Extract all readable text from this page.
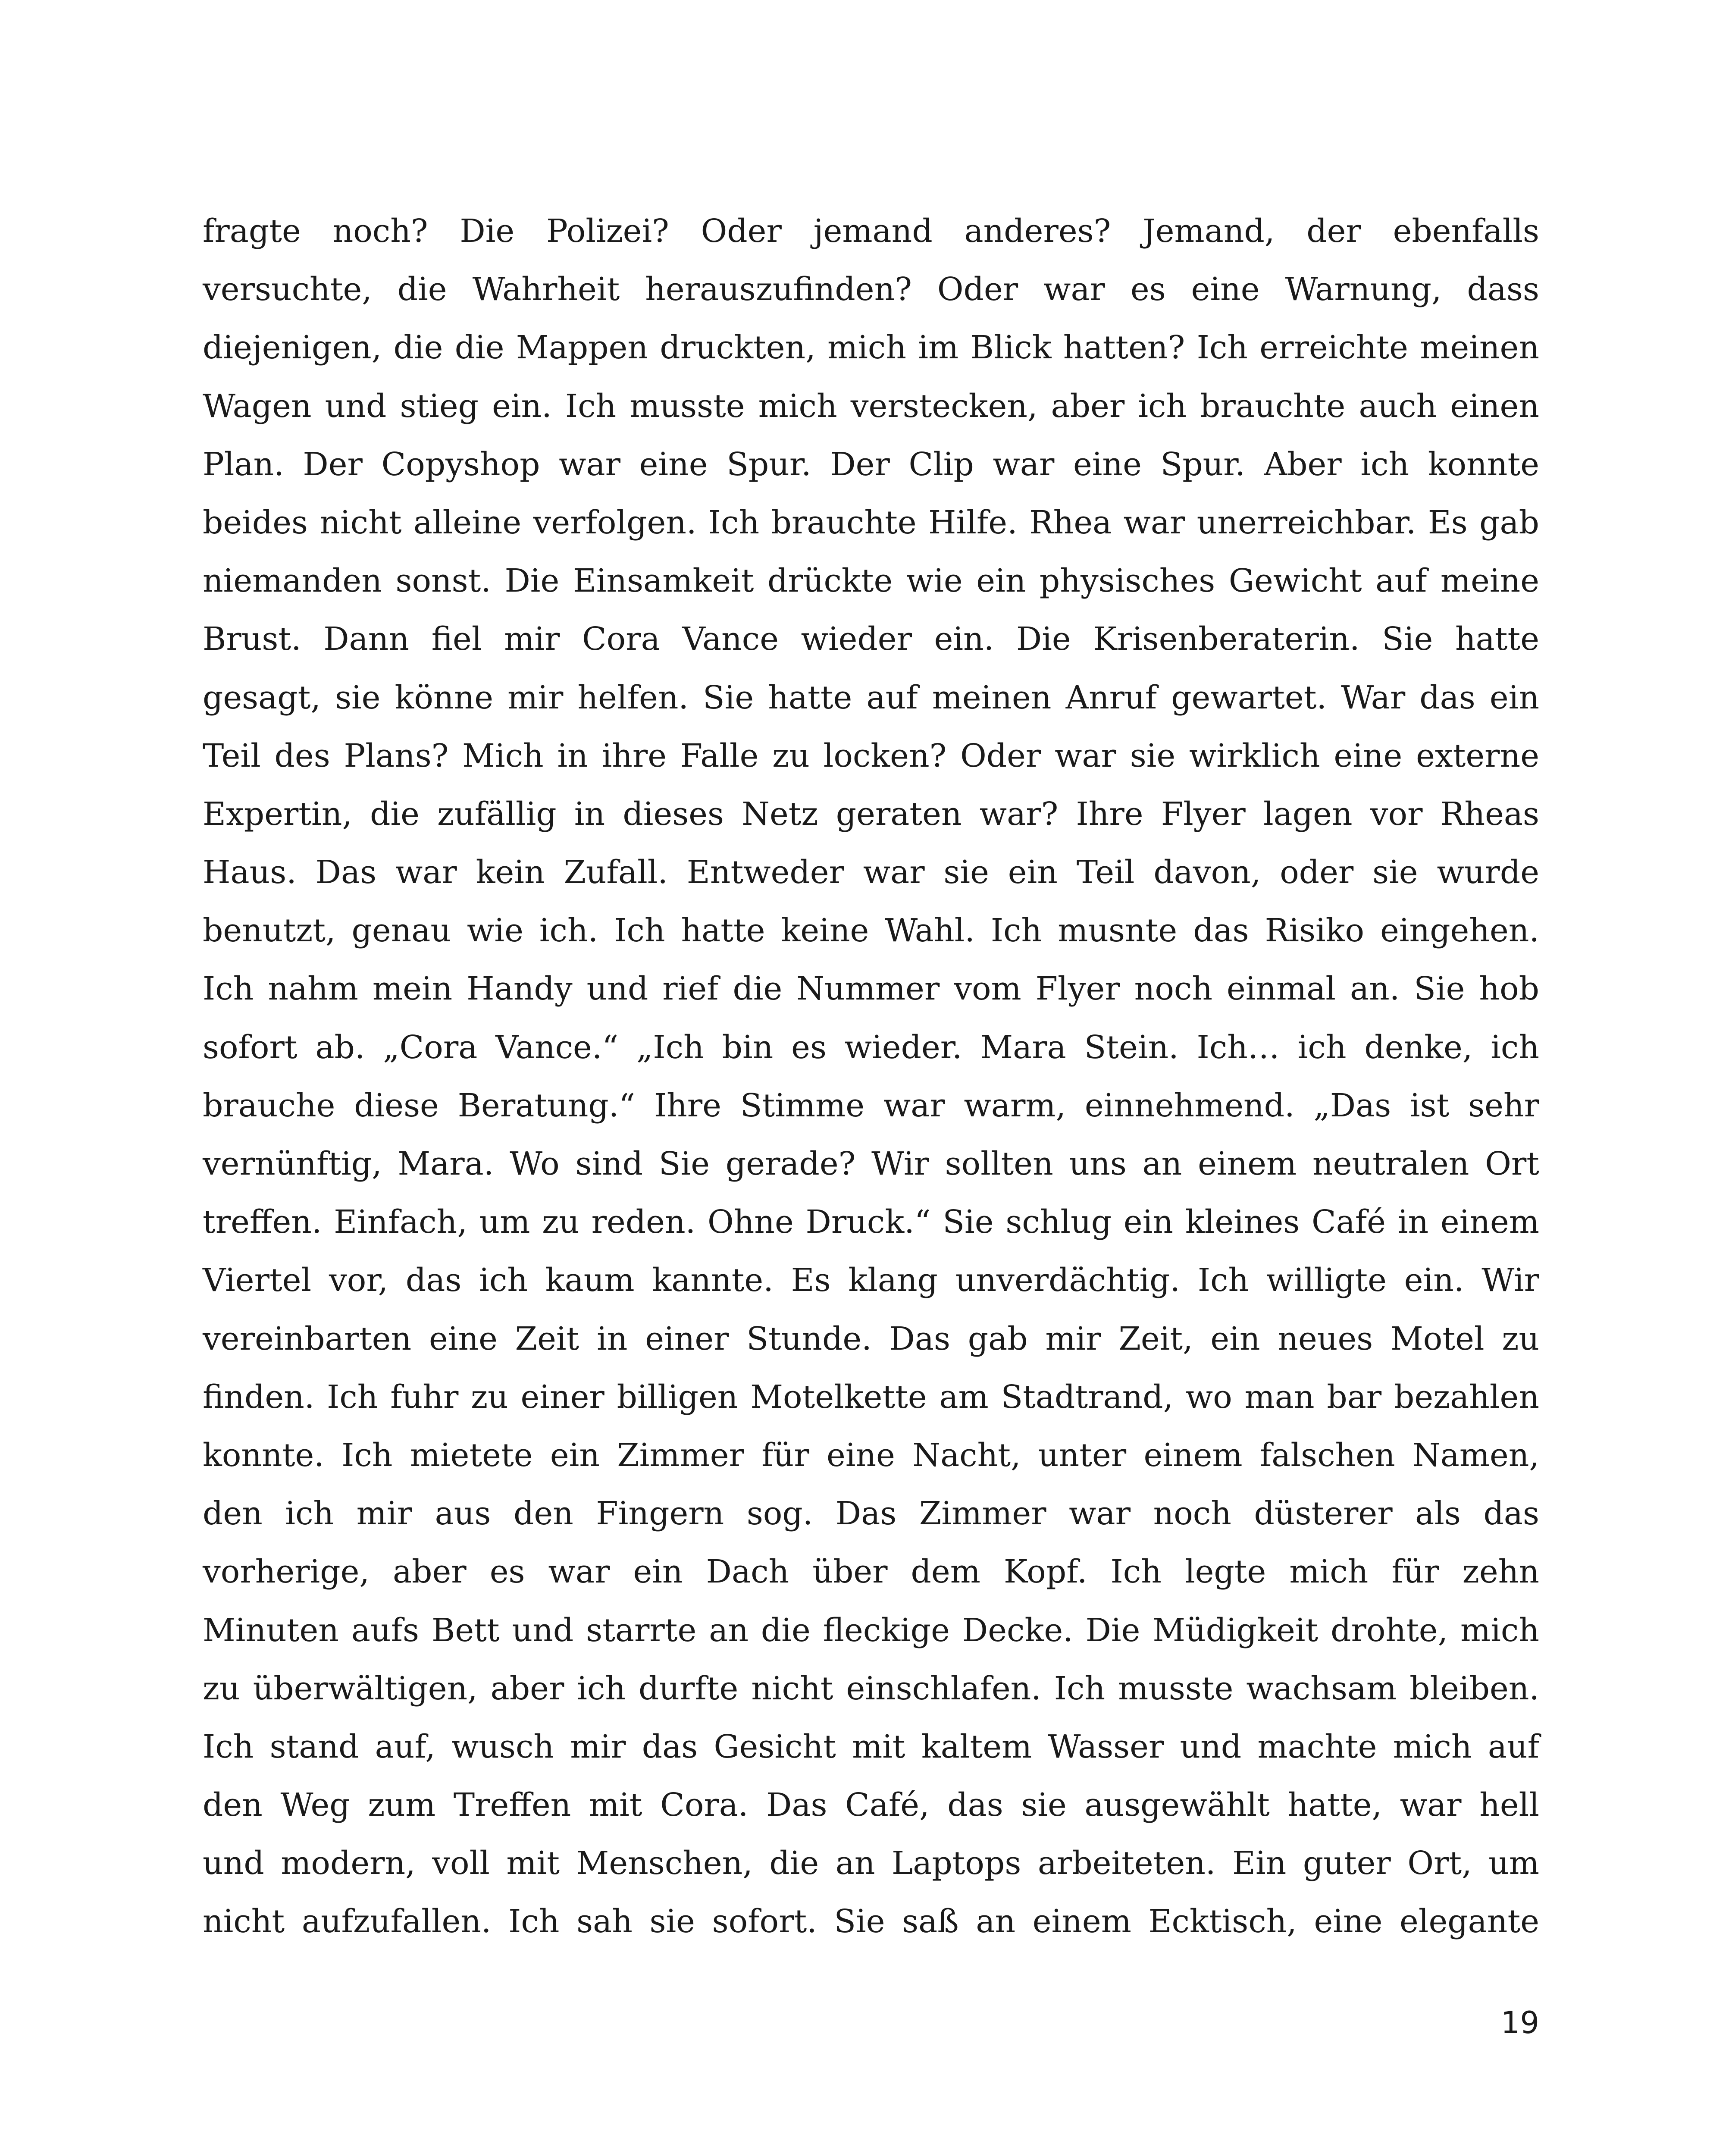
fragte noch? Die Polizei? Oder jemand anderes? Jemand, der ebenfalls
versuchte, die Wahrheit herauszufinden? Oder war es eine Warnung, dass
diejenigen, die die Mappen druckten, mich im Blick hatten? Ich erreichte meinen
Wagen und stieg ein. Ich musste mich verstecken, aber ich brauchte auch einen
Plan. Der Copyshop war eine Spur. Der Clip war eine Spur. Aber ich konnte
beides nicht alleine verfolgen. Ich brauchte Hilfe. Rhea war unerreichbar. Es gab
niemanden sonst. Die Einsamkeit drückte wie ein physisches Gewicht auf meine
Brust. Dann fiel mir Cora Vance wieder ein. Die Krisenberaterin. Sie hatte
gesagt, sie könne mir helfen. Sie hatte auf meinen Anruf gewartet. War das ein
Teil des Plans? Mich in ihre Falle zu locken? Oder war sie wirklich eine externe
Expertin, die zufällig in dieses Netz geraten war? Ihre Flyer lagen vor Rheas
Haus. Das war kein Zufall. Entweder war sie ein Teil davon, oder sie wurde
benutzt, genau wie ich. Ich hatte keine Wahl. Ich musnte das Risiko eingehen.
Ich nahm mein Handy und rief die Nummer vom Flyer noch einmal an. Sie hob
sofort ab. „Cora Vance.“ „Ich bin es wieder. Mara Stein. Ich… ich denke, ich
brauche diese Beratung.“ Ihre Stimme war warm, einnehmend. „Das ist sehr
vernünftig, Mara. Wo sind Sie gerade? Wir sollten uns an einem neutralen Ort
treffen. Einfach, um zu reden. Ohne Druck.“ Sie schlug ein kleines Café in einem
Viertel vor, das ich kaum kannte. Es klang unverdächtig. Ich willigte ein. Wir
vereinbarten eine Zeit in einer Stunde. Das gab mir Zeit, ein neues Motel zu
finden. Ich fuhr zu einer billigen Motelkette am Stadtrand, wo man bar bezahlen
konnte. Ich mietete ein Zimmer für eine Nacht, unter einem falschen Namen,
den ich mir aus den Fingern sog. Das Zimmer war noch düsterer als das
vorherige, aber es war ein Dach über dem Kopf. Ich legte mich für zehn
Minuten aufs Bett und starrte an die fleckige Decke. Die Müdigkeit drohte, mich
zu überwältigen, aber ich durfte nicht einschlafen. Ich musste wachsam bleiben.
Ich stand auf, wusch mir das Gesicht mit kaltem Wasser und machte mich auf
den Weg zum Treffen mit Cora. Das Café, das sie ausgewählt hatte, war hell
und modern, voll mit Menschen, die an Laptops arbeiteten. Ein guter Ort, um
nicht aufzufallen. Ich sah sie sofort. Sie saß an einem Ecktisch, eine elegante
19
